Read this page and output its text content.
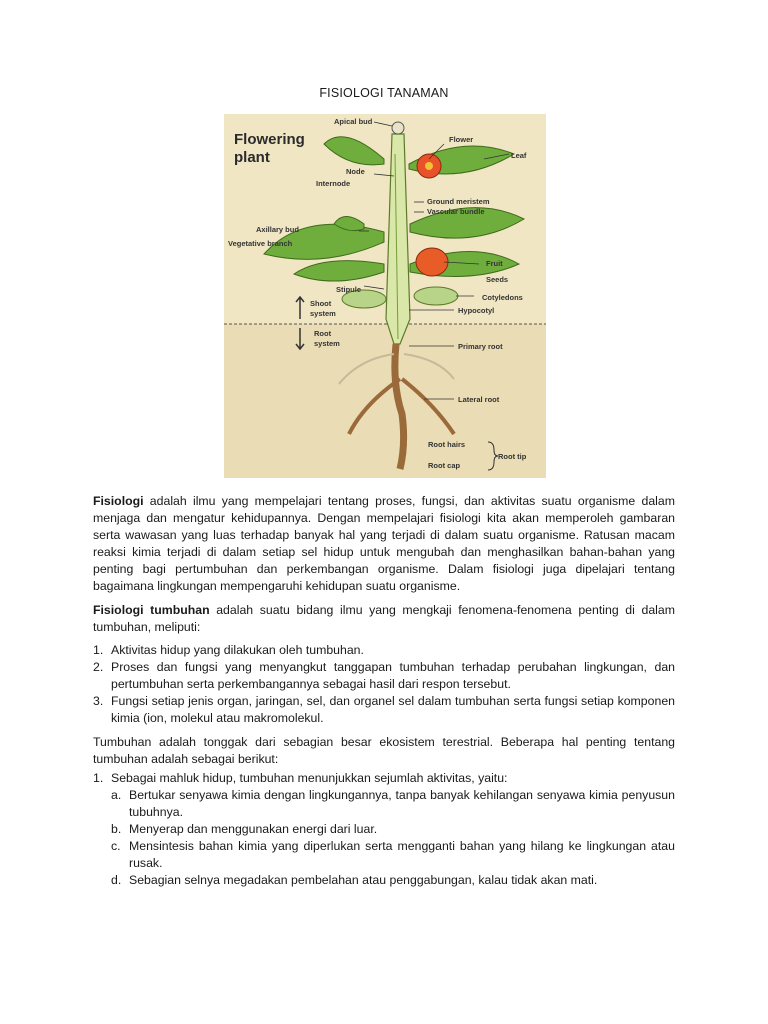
FISIOLOGI TANAMAN
Flowering
plant
Apical bud
Flower
Leaf
Node
Internode
Ground meristem
Vascular bundle
Axillary bud
Vegetative branch
Fruit
Seeds
Stipule
Cotyledons
Shoot
system	Hypocotyl
Root
system	Primary root
Lateral root
Root hairs
Root tip
Root cap

Fisiologi adalah ilmu yang mempelajari tentang proses, fungsi, dan aktivitas suatu organisme dalam menjaga dan mengatur kehidupannya. Dengan mempelajari fisiologi kita akan memperoleh gambaran serta wawasan yang luas terhadap banyak hal yang terjadi di dalam suatu organisme. Ratusan macam reaksi kimia terjadi di dalam setiap sel hidup untuk mengubah dan menghasilkan bahan-bahan yang penting bagi pertumbuhan dan perkembangan organisme. Dalam fisiologi juga dipelajari tentang bagaimana lingkungan mempengaruhi kehidupan suatu organisme.

Fisiologi tumbuhan adalah suatu bidang ilmu yang mengkaji fenomena-fenomena penting di dalam tumbuhan, meliputi:

1. Aktivitas hidup yang dilakukan oleh tumbuhan.
2. Proses dan fungsi yang menyangkut tanggapan tumbuhan terhadap perubahan lingkungan, dan pertumbuhan serta perkembangannya sebagai hasil dari respon tersebut.
3. Fungsi setiap jenis organ, jaringan, sel, dan organel sel dalam tumbuhan serta fungsi setiap komponen kimia (ion, molekul atau makromolekul.

Tumbuhan adalah tonggak dari sebagian besar ekosistem terestrial. Beberapa hal penting tentang tumbuhan adalah sebagai berikut:

1. Sebagai mahluk hidup, tumbuhan menunjukkan sejumlah aktivitas, yaitu:
a. Bertukar senyawa kimia dengan lingkungannya, tanpa banyak kehilangan senyawa kimia penyusun tubuhnya.
b. Menyerap dan menggunakan energi dari luar.
c. Mensintesis bahan kimia yang diperlukan serta mengganti bahan yang hilang ke lingkungan atau rusak.
d. Sebagian selnya megadakan pembelahan atau penggabungan, kalau tidak akan mati.
